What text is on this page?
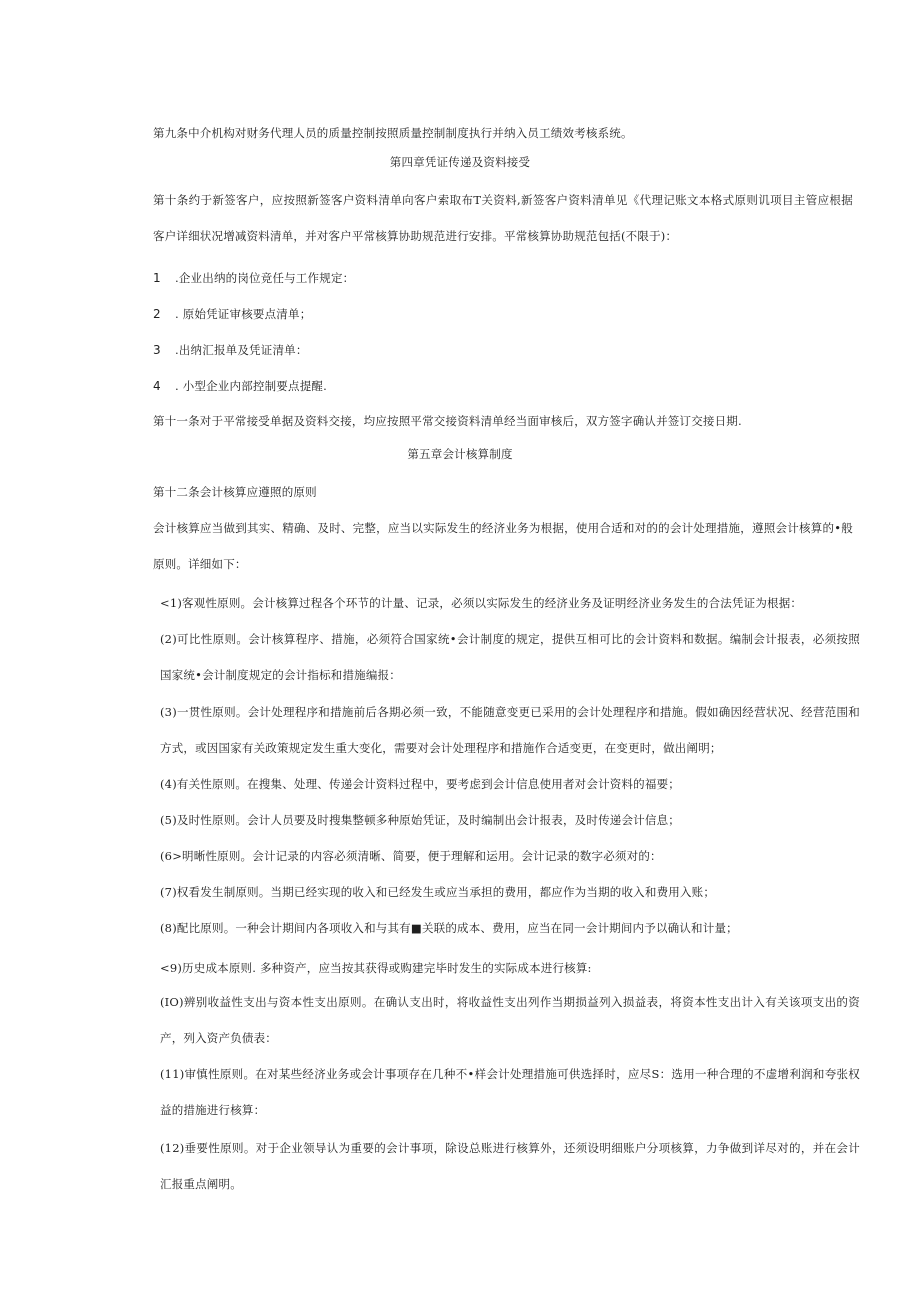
第九条中介机构对财务代理人员的质量控制按照质量控制制度执行并纳入员工绩效考核系统。

第四章凭证传递及资料接受

第十条约于新签客户，应按照新签客户资料清单向客户索取布T关资料,新签客户资料清单见《代理记账文本格式原则讥项目主管应根据客户详细状况增减资料清单，并对客户平常核算协助规范进行安排。平常核算协助规范包括(不限于)：

1 .企业出纳的岗位竞任与工作规定：
2 . 原始凭证审核要点清单；
3 .出纳汇报单及凭证清单：
4 . 小型企业内部控制要点提醒.

第十一条对于平常接受单据及资料交接，均应按照平常交接资料清单经当面审核后，双方签字确认并签订交接日期.

第五章会计核算制度

第十二条会计核算应遵照的原则

会计核算应当做到其实、精确、及时、完整，应当以实际发生的经济业务为根据，使用合适和对的的会计处理措施，遵照会计核算的•般原则。详细如下：

<1)客观性原则。会计核算过程各个环节的计量、记录，必须以实际发生的经济业务及证明经济业务发生的合法凭证为根据：

(2)可比性原则。会计核算程序、措施，必须符合国家统•会计制度的规定，提供互相可比的会计资料和数据。编制会计报表，必须按照国家统•会计制度规定的会计指标和措施编报：

(3)一贯性原则。会计处理程序和措施前后各期必须一致，不能随意变更已采用的会计处理程序和措施。假如确因经营状况、经营范围和方式，或因国家有关政策规定发生重大变化，需要对会计处理程序和措施作合适变更，在变更时，做出阐明；

(4)有关性原则。在搜集、处理、传递会计资料过程中，要考虑到会计信息使用者对会计资料的福要；

(5)及时性原则。会计人员要及时搜集整顿多种原始凭证，及时编制出会计报表，及时传递会计信息；

(6>明晰性原则。会计记录的内容必须清晰、简要，便于理解和运用。会计记录的数字必须对的：

(7)权看发生制原则。当期已经实现的收入和已经发生或应当承担的费用，都应作为当期的收入和费用入账；

(8)配比原则。一种会计期间内各项收入和与其有■关联的成本、费用，应当在同一会计期间内予以确认和计量；

<9)历史成本原则. 多种资产，应当按其获得或购建完毕时发生的实际成本进行核算:

(IO)辨别收益性支出与资本性支出原则。在确认支出时，将收益性支出列作当期损益列入损益表，将资本性支出计入有关该项支出的资产，列入资产负债表：

(11)审慎性原则。在对某些经济业务或会计事项存在几种不•样会计处理措施可供选择时，应尽S：选用一种合理的不虚增利润和夸张权益的措施进行核算：

(12)垂要性原则。对于企业领导认为重要的会计事项，除设总账进行核算外，还须设明细账户分项核算，力争做到详尽对的，并在会计汇报重点阐明。
